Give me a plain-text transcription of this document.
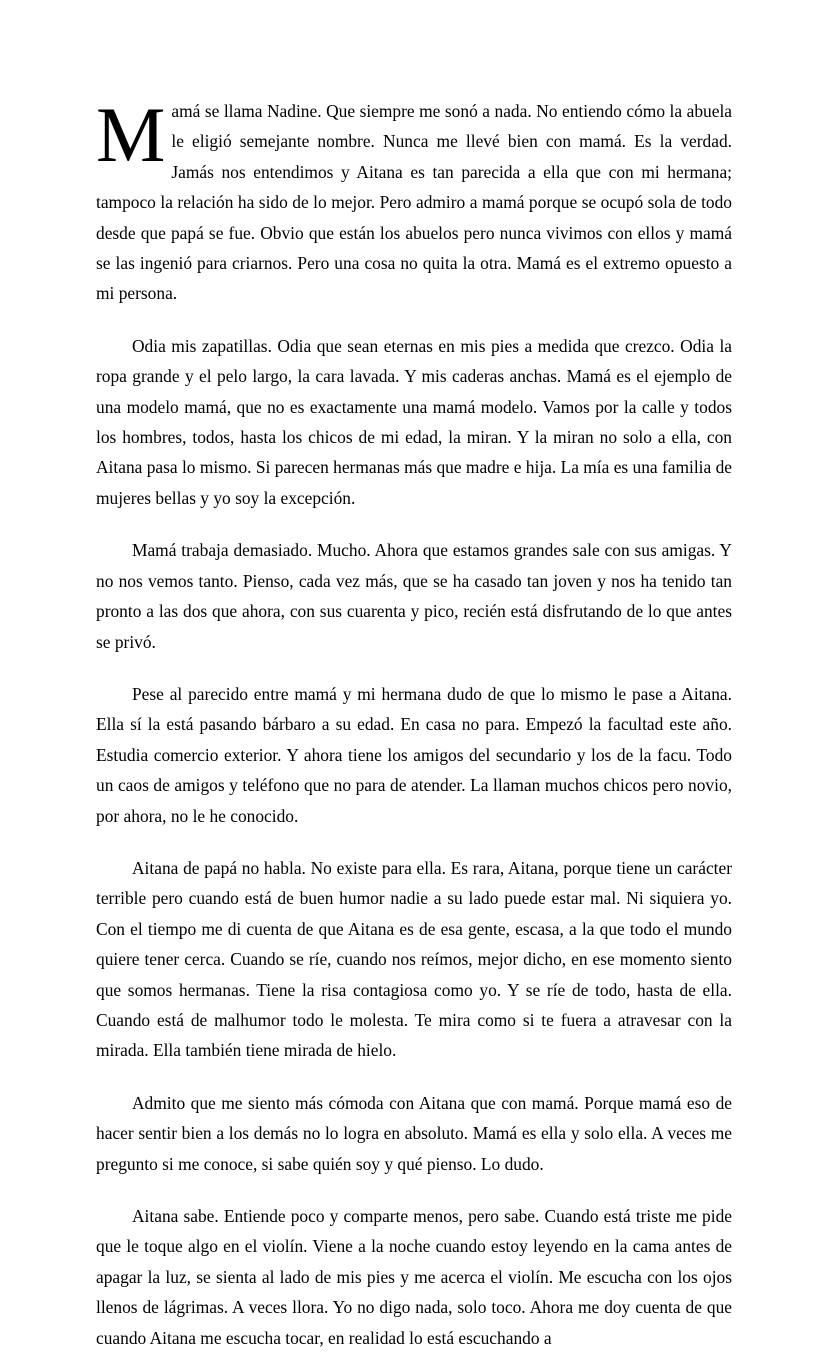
Mamá se llama Nadine. Que siempre me sonó a nada. No entiendo cómo la abuela le eligió semejante nombre. Nunca me llevé bien con mamá. Es la verdad. Jamás nos entendimos y Aitana es tan parecida a ella que con mi hermana; tampoco la relación ha sido de lo mejor. Pero admiro a mamá porque se ocupó sola de todo desde que papá se fue. Obvio que están los abuelos pero nunca vivimos con ellos y mamá se las ingenió para criarnos. Pero una cosa no quita la otra. Mamá es el extremo opuesto a mi persona.

Odia mis zapatillas. Odia que sean eternas en mis pies a medida que crezco. Odia la ropa grande y el pelo largo, la cara lavada. Y mis caderas anchas. Mamá es el ejemplo de una modelo mamá, que no es exactamente una mamá modelo. Vamos por la calle y todos los hombres, todos, hasta los chicos de mi edad, la miran. Y la miran no solo a ella, con Aitana pasa lo mismo. Si parecen hermanas más que madre e hija. La mía es una familia de mujeres bellas y yo soy la excepción.

Mamá trabaja demasiado. Mucho. Ahora que estamos grandes sale con sus amigas. Y no nos vemos tanto. Pienso, cada vez más, que se ha casado tan joven y nos ha tenido tan pronto a las dos que ahora, con sus cuarenta y pico, recién está disfrutando de lo que antes se privó.

Pese al parecido entre mamá y mi hermana dudo de que lo mismo le pase a Aitana. Ella sí la está pasando bárbaro a su edad. En casa no para. Empezó la facultad este año. Estudia comercio exterior. Y ahora tiene los amigos del secundario y los de la facu. Todo un caos de amigos y teléfono que no para de atender. La llaman muchos chicos pero novio, por ahora, no le he conocido.

Aitana de papá no habla. No existe para ella. Es rara, Aitana, porque tiene un carácter terrible pero cuando está de buen humor nadie a su lado puede estar mal. Ni siquiera yo. Con el tiempo me di cuenta de que Aitana es de esa gente, escasa, a la que todo el mundo quiere tener cerca. Cuando se ríe, cuando nos reímos, mejor dicho, en ese momento siento que somos hermanas. Tiene la risa contagiosa como yo. Y se ríe de todo, hasta de ella. Cuando está de malhumor todo le molesta. Te mira como si te fuera a atravesar con la mirada. Ella también tiene mirada de hielo.

Admito que me siento más cómoda con Aitana que con mamá. Porque mamá eso de hacer sentir bien a los demás no lo logra en absoluto. Mamá es ella y solo ella. A veces me pregunto si me conoce, si sabe quién soy y qué pienso. Lo dudo.

Aitana sabe. Entiende poco y comparte menos, pero sabe. Cuando está triste me pide que le toque algo en el violín. Viene a la noche cuando estoy leyendo en la cama antes de apagar la luz, se sienta al lado de mis pies y me acerca el violín. Me escucha con los ojos llenos de lágrimas. A veces llora. Yo no digo nada, solo toco. Ahora me doy cuenta de que cuando Aitana me escucha tocar, en realidad lo está escuchando a
